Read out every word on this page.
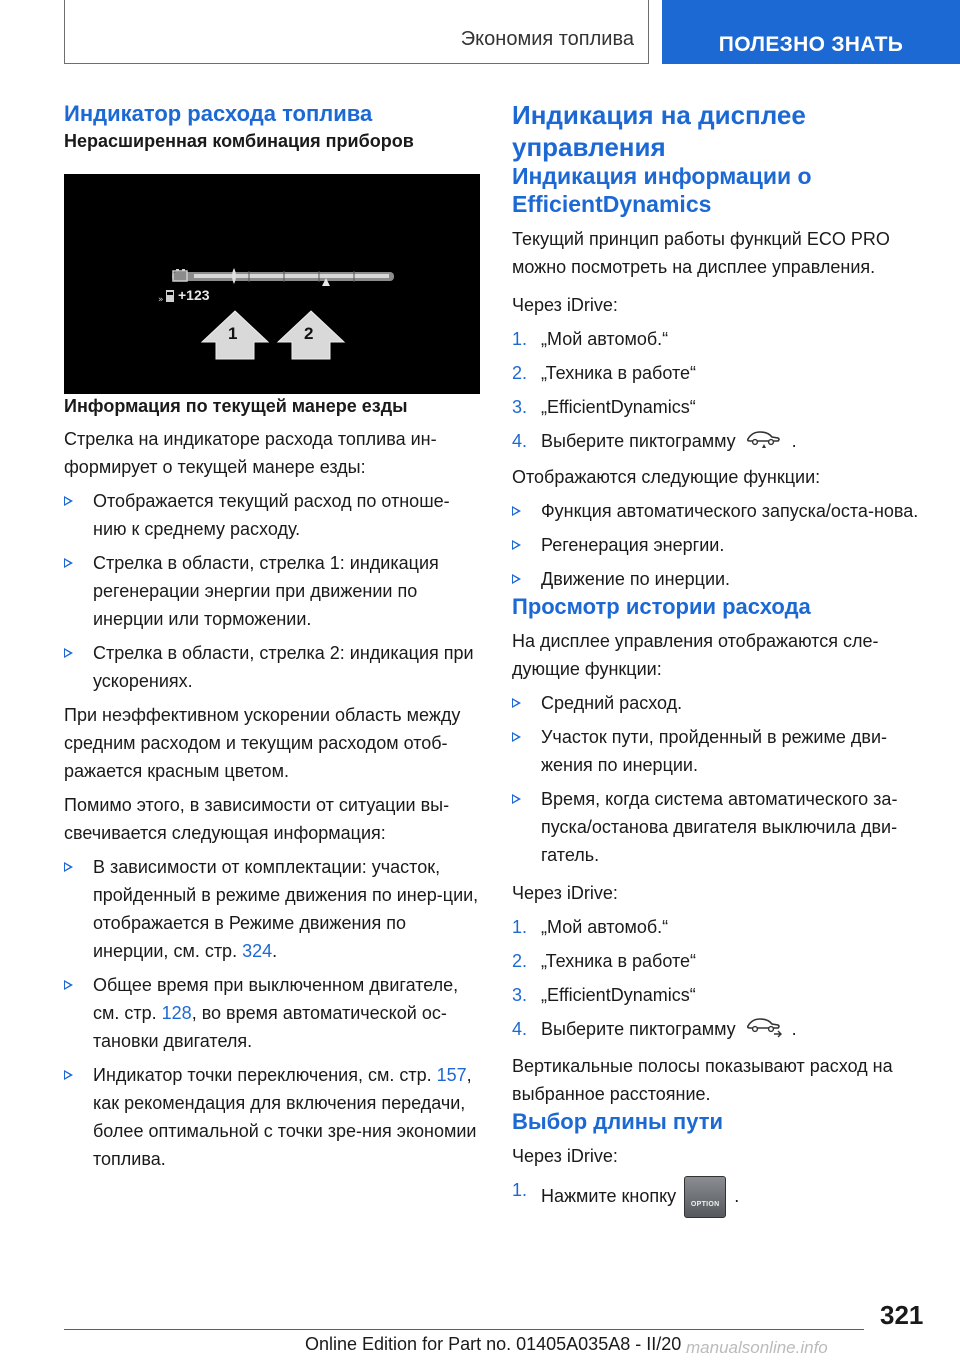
Экономия топлива	ПОЛЕЗНО ЗНАТЬ
Индикатор расхода топлива
Нерасширенная комбинация приборов
» +123
1	2
Информация по текущей манере езды

Стрелка на индикаторе расхода топлива ин-формирует о текущей манере езды:

Отображается текущий расход по отноше-нию к среднему расходу.
Стрелка в области, стрелка 1: индикация регенерации энергии при движении по инерции или торможении.
Стрелка в области, стрелка 2: индикация при ускорениях.

При неэффективном ускорении область между средним расходом и текущим расходом отоб-ражается красным цветом.

Помимо этого, в зависимости от ситуации вы-свечивается следующая информация:

В зависимости от комплектации: участок, пройденный в режиме движения по инер-ции, отображается в Режиме движения по инерции, см. стр. 324.
Общее время при выключенном двигателе, см. стр. 128, во время автоматической ос-тановки двигателя.
Индикатор точки переключения, см. стр. 157, как рекомендация для включения передачи, более оптимальной с точки зре-ния экономии топлива.
Индикация на дисплее управления
Индикация информации о EfficientDynamics

Текущий принцип работы функций ECO PRO можно посмотреть на дисплее управления.

Через iDrive:

1. „Мой автомоб.“
2. „Техника в работе“
3. „EfficientDynamics“
4. Выберите пиктограмму	.

Отображаются следующие функции:

Функция автоматического запуска/оста-нова.
Регенерация энергии.
Движение по инерции.
Просмотр истории расхода

На дисплее управления отображаются сле-дующие функции:

Средний расход.
Участок пути, пройденный в режиме дви-жения по инерции.
Время, когда система автоматического за-пуска/останова двигателя выключила дви-гатель.

Через iDrive:

1. „Мой автомоб.“
2. „Техника в работе“
3. „EfficientDynamics“
4. Выберите пиктограмму	.

Вертикальные полосы показывают расход на выбранное расстояние.

Выбор длины пути

Через iDrive:

1. Нажмите кнопку	OPTION .
321
Online Edition for Part no. 01405A035A8 - II/20 manualsonline.info
